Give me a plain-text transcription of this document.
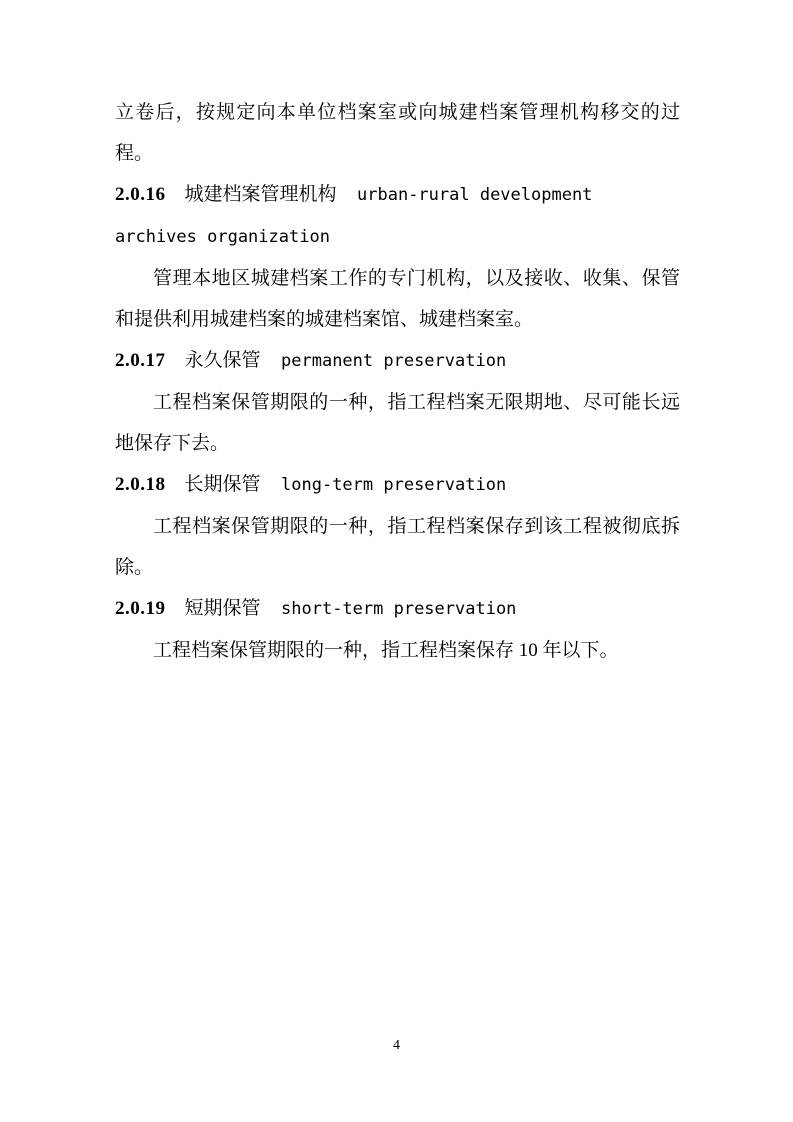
立卷后，按规定向本单位档案室或向城建档案管理机构移交的过程。
2.0.16　 城建档案管理机构 urban-rural development archives organization
管理本地区城建档案工作的专门机构，以及接收、收集、保管和提供利用城建档案的城建档案馆、城建档案室。
2.0.17　 永久保管 permanent preservation
工程档案保管期限的一种，指工程档案无限期地、尽可能长远地保存下去。
2.0.18　 长期保管 long-term preservation
工程档案保管期限的一种，指工程档案保存到该工程被彻底拆除。
2.0.19　 短期保管 short-term preservation
工程档案保管期限的一种，指工程档案保存 10 年以下。
4
